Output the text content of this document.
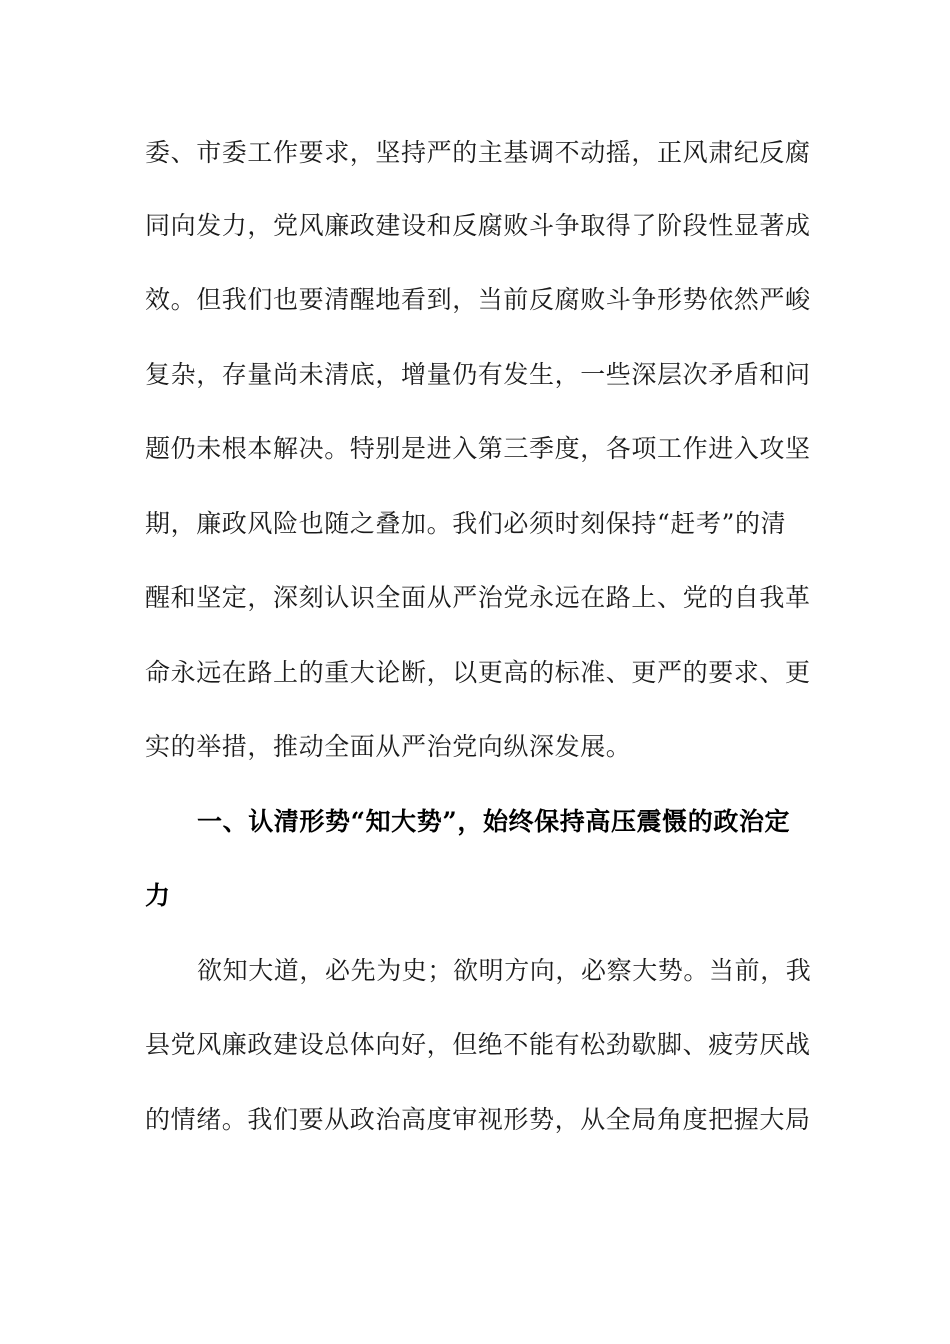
委、市委工作要求，坚持严的主基调不动摇，正风肃纪反腐
同向发力，党风廉政建设和反腐败斗争取得了阶段性显著成
效。但我们也要清醒地看到，当前反腐败斗争形势依然严峻
复杂，存量尚未清底，增量仍有发生，一些深层次矛盾和问
题仍未根本解决。特别是进入第三季度，各项工作进入攻坚
期，廉政风险也随之叠加。我们必须时刻保持“赶考”的清
醒和坚定，深刻认识全面从严治党永远在路上、党的自我革
命永远在路上的重大论断，以更高的标准、更严的要求、更
实的举措，推动全面从严治党向纵深发展。
一、认清形势“知大势”，始终保持高压震慑的政治定
力
欲知大道，必先为史；欲明方向，必察大势。当前，我
县党风廉政建设总体向好，但绝不能有松劲歇脚、疲劳厌战
的情绪。我们要从政治高度审视形势，从全局角度把握大局
